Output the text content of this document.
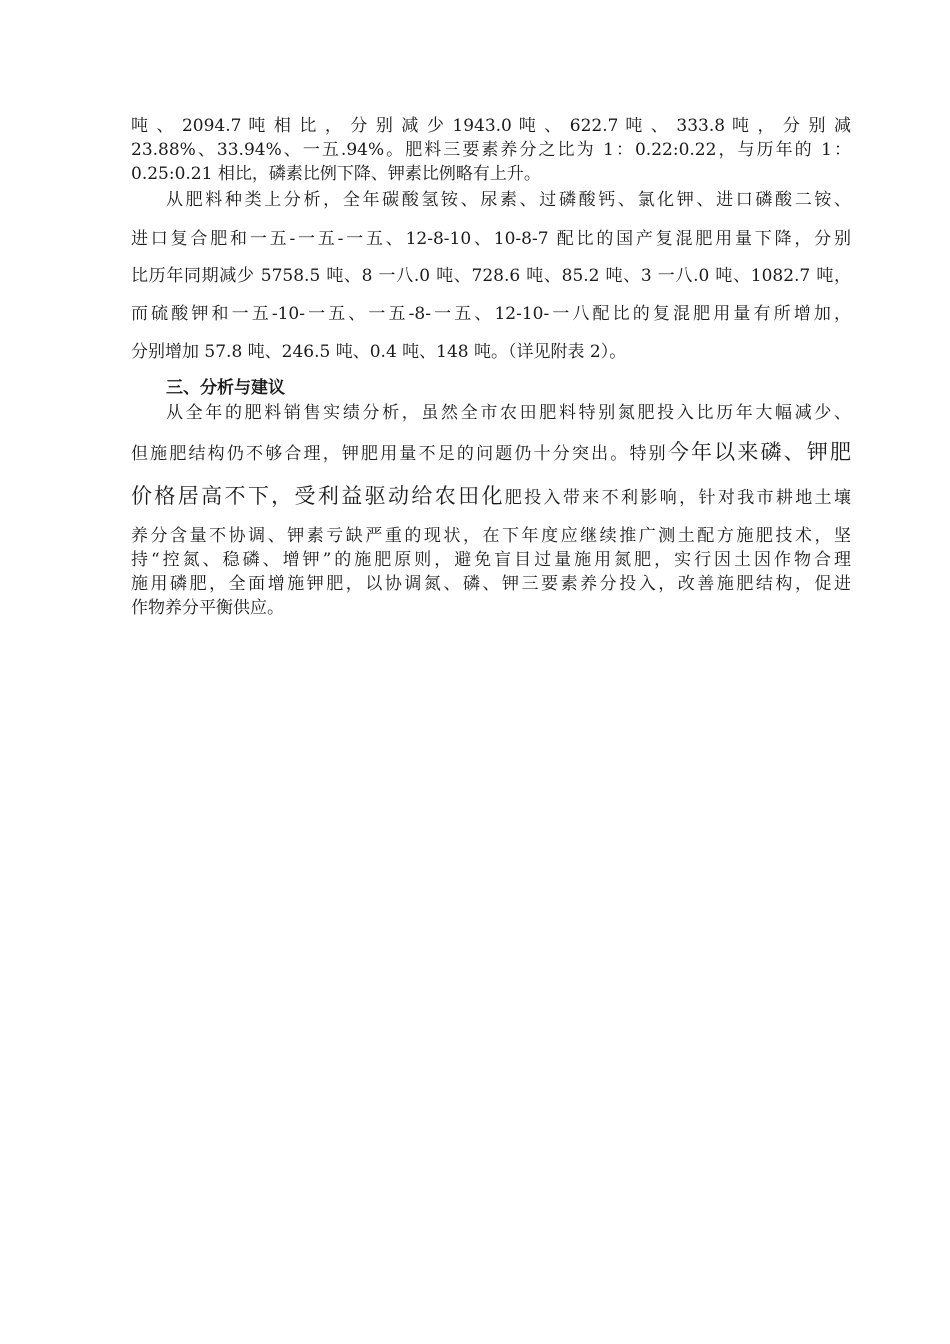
吨 、 2094.7 吨 相 比 ， 分 别 减 少 1943.0 吨 、 622.7 吨 、 333.8 吨 ， 分 别 减
23.88%、33.94%、一五.94%。肥料三要素养分之比为 1：0.22:0.22，与历年的 1：
0.25:0.21 相比，磷素比例下降、钾素比例略有上升。
从肥料种类上分析，全年碳酸氢铵、尿素、过磷酸钙、氯化钾、进口磷酸二铵、
进口复合肥和一五-一五-一五、12-8-10、10-8-7 配比的国产复混肥用量下降，分别
比历年同期减少 5758.5 吨、8 一八.0 吨、728.6 吨、85.2 吨、3 一八.0 吨、1082.7 吨，
而硫酸钾和一五-10-一五、一五-8-一五、12-10-一八配比的复混肥用量有所增加，
分别增加 57.8 吨、246.5 吨、0.4 吨、148 吨。（详见附表 2）。
三、分析与建议
从全年的肥料销售实绩分析，虽然全市农田肥料特别氮肥投入比历年大幅减少、
但施肥结构仍不够合理，钾肥用量不足的问题仍十分突出。特别今年以来磷、钾肥
价格居高不下，受利益驱动给农田化肥投入带来不利影响，针对我市耕地土壤
养分含量不协调、钾素亏缺严重的现状，在下年度应继续推广测土配方施肥技术，坚
持“控氮、稳磷、增钾”的施肥原则，避免盲目过量施用氮肥，实行因土因作物合理
施用磷肥，全面增施钾肥，以协调氮、磷、钾三要素养分投入，改善施肥结构，促进
作物养分平衡供应。
